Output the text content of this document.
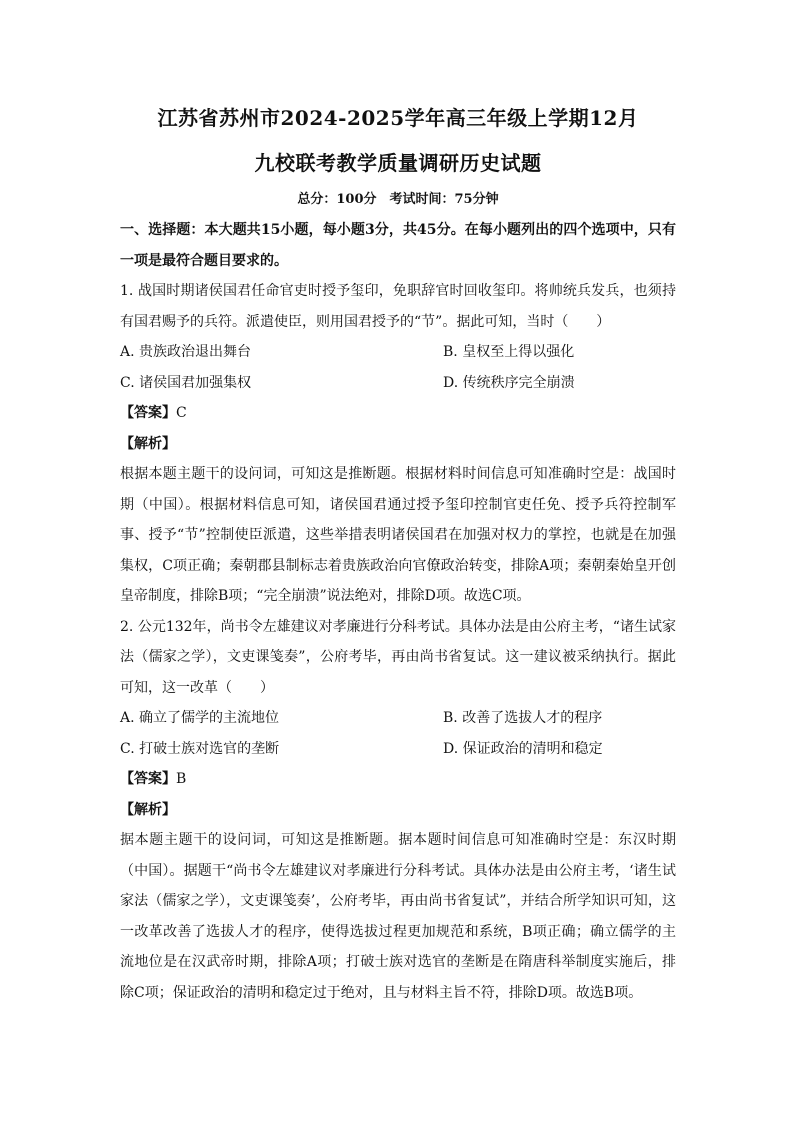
江苏省苏州市2024-2025学年高三年级上学期12月
九校联考教学质量调研历史试题
总分：100分　考试时间：75分钟

一、选择题：本大题共15小题，每小题3分，共45分。在每小题列出的四个选项中，只有一项是最符合题目要求的。

1. 战国时期诸侯国君任命官吏时授予玺印，免职辞官时回收玺印。将帅统兵发兵，也须持有国君赐予的兵符。派遣使臣，则用国君授予的“节”。据此可知，当时（　　）

A. 贵族政治退出舞台	B. 皇权至上得以强化
C. 诸侯国君加强集权	D. 传统秩序完全崩溃
【答案】C
【解析】

根据本题主题干的设问词，可知这是推断题。根据材料时间信息可知准确时空是：战国时期（中国）。根据材料信息可知，诸侯国君通过授予玺印控制官吏任免、授予兵符控制军事、授予“节”控制使臣派遣，这些举措表明诸侯国君在加强对权力的掌控，也就是在加强集权，C项正确；秦朝郡县制标志着贵族政治向官僚政治转变，排除A项；秦朝秦始皇开创皇帝制度，排除B项；“完全崩溃”说法绝对，排除D项。故选C项。

2. 公元132年，尚书令左雄建议对孝廉进行分科考试。具体办法是由公府主考，“诸生试家法（儒家之学），文吏课笺奏”，公府考毕，再由尚书省复试。这一建议被采纳执行。据此可知，这一改革（　　）

A. 确立了儒学的主流地位	B. 改善了选拔人才的程序
C. 打破士族对选官的垄断	D. 保证政治的清明和稳定
【答案】B
【解析】

据本题主题干的设问词，可知这是推断题。据本题时间信息可知准确时空是：东汉时期（中国）。据题干“尚书令左雄建议对孝廉进行分科考试。具体办法是由公府主考，‘诸生试家法（儒家之学），文吏课笺奏’，公府考毕，再由尚书省复试”，并结合所学知识可知，这一改革改善了选拔人才的程序，使得选拔过程更加规范和系统，B项正确；确立儒学的主流地位是在汉武帝时期，排除A项；打破士族对选官的垄断是在隋唐科举制度实施后，排除C项；保证政治的清明和稳定过于绝对，且与材料主旨不符，排除D项。故选B项。
